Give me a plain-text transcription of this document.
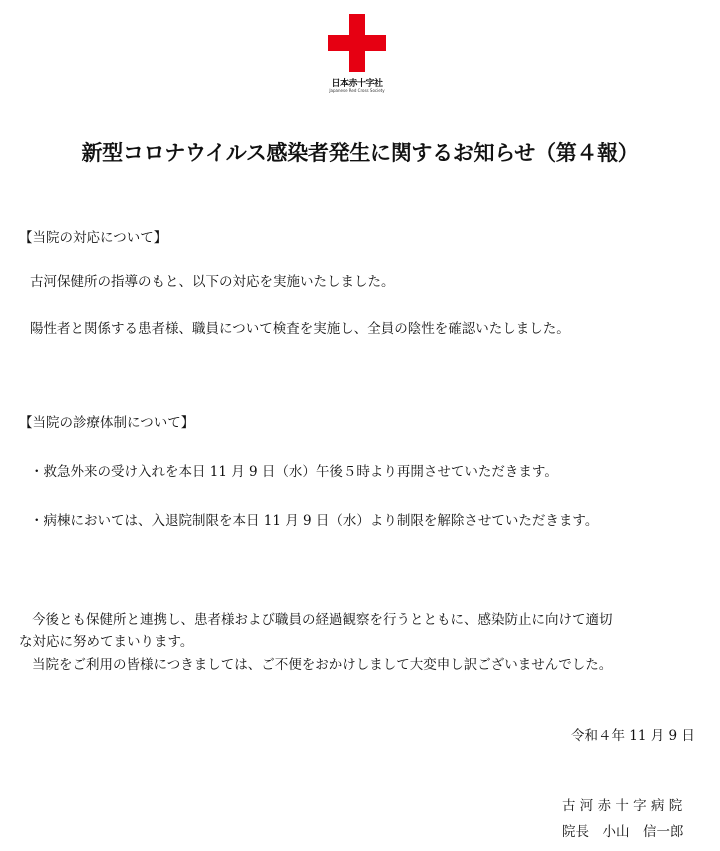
日本赤十字社
Japanese Red Cross Society
新型コロナウイルス感染者発生に関するお知らせ（第４報）
【当院の対応について】
古河保健所の指導のもと、以下の対応を実施いたしました。
陽性者と関係する患者様、職員について検査を実施し、全員の陰性を確認いたしました。
【当院の診療体制について】
・救急外来の受け入れを本日 11 月 9 日（水）午後５時より再開させていただきます。
・病棟においては、入退院制限を本日 11 月 9 日（水）より制限を解除させていただきます。
今後とも保健所と連携し、患者様および職員の経過観察を行うとともに、感染防止に向けて適切
な対応に努めてまいります。
当院をご利用の皆様につきましては、ご不便をおかけしまして大変申し訳ございませんでした。
令和４年 11 月 9 日
古 河 赤 十 字 病 院
院長　小山　信一郎
